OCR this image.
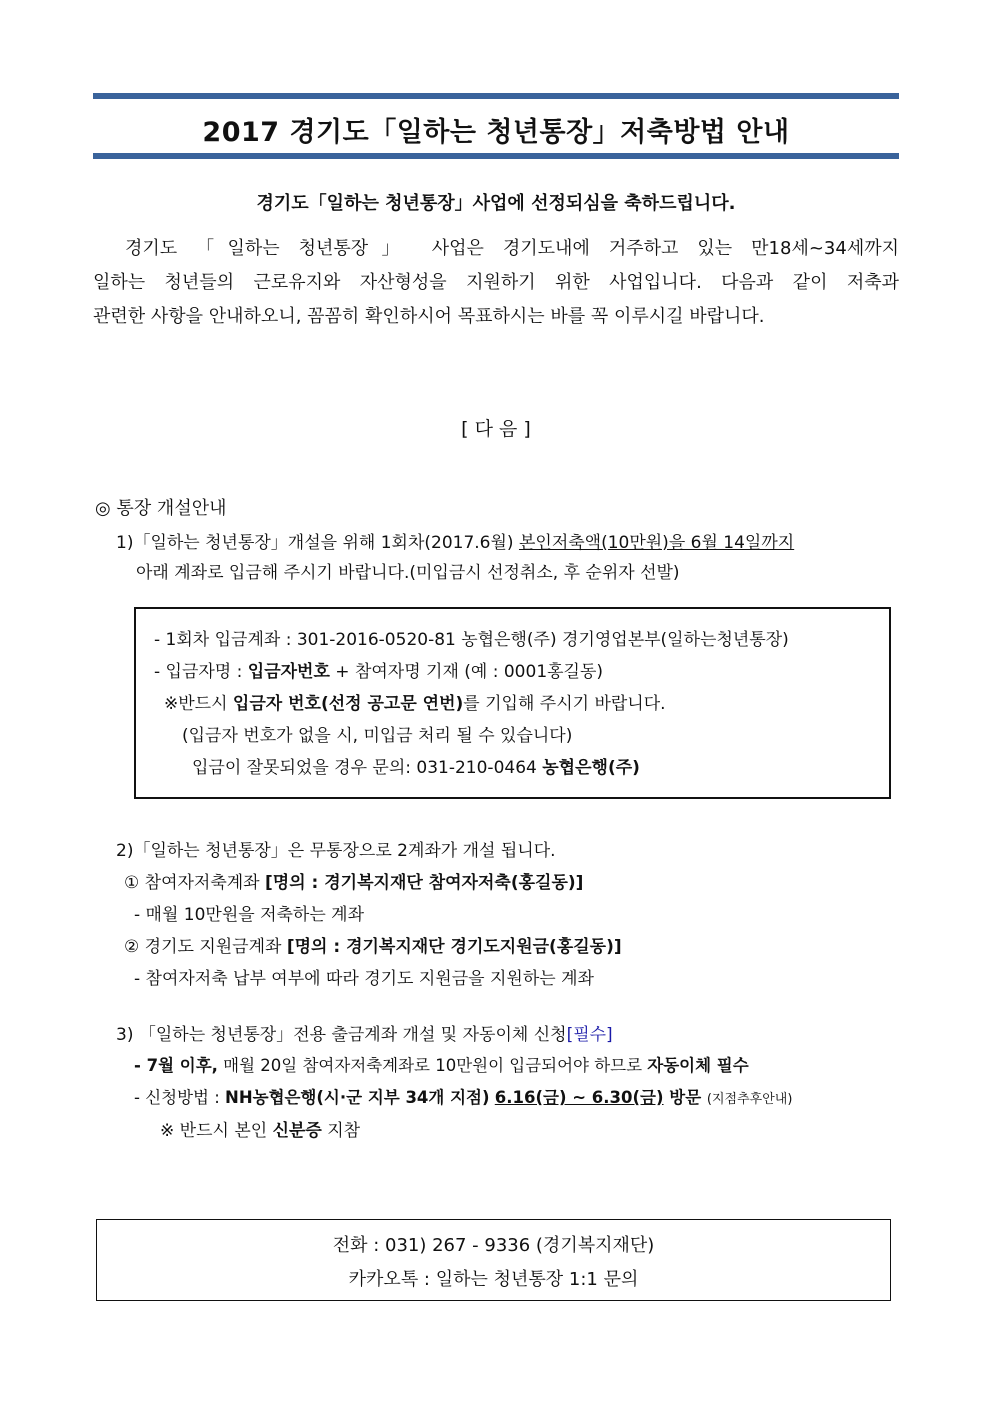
2017 경기도「일하는 청년통장」저축방법 안내
경기도「일하는 청년통장」사업에 선정되심을 축하드립니다.
경기도 「일하는 청년통장」 사업은 경기도내에 거주하고 있는 만18세~34세까지
일하는 청년들의 근로유지와 자산형성을 지원하기 위한 사업입니다. 다음과 같이 저축과
관련한 사항을 안내하오니, 꼼꼼히 확인하시어 목표하시는 바를 꼭 이루시길 바랍니다.
[ 다 음 ]
◎ 통장 개설안내
1)「일하는 청년통장」개설을 위해 1회차(2017.6월) 본인저축액(10만원)을 6월 14일까지
아래 계좌로 입금해 주시기 바랍니다.(미입금시 선정취소, 후 순위자 선발)
- 1회차 입금계좌 : 301-2016-0520-81 농협은행(주) 경기영업본부(일하는청년통장)
- 입금자명 : 입금자번호 + 참여자명 기재 (예 : 0001홍길동)
※반드시 입금자 번호(선정 공고문 연번)를 기입해 주시기 바랍니다.
(입금자 번호가 없을 시, 미입금 처리 될 수 있습니다)
입금이 잘못되었을 경우 문의: 031-210-0464 농협은행(주)
2)「일하는 청년통장」은 무통장으로 2계좌가 개설 됩니다.
① 참여자저축계좌 [명의 : 경기복지재단 참여자저축(홍길동)]
- 매월 10만원을 저축하는 계좌
② 경기도 지원금계좌 [명의 : 경기복지재단 경기도지원금(홍길동)]
- 참여자저축 납부 여부에 따라 경기도 지원금을 지원하는 계좌
3) 「일하는 청년통장」전용 출금계좌 개설 및 자동이체 신청[필수]
- 7월 이후, 매월 20일 참여자저축계좌로 10만원이 입금되어야 하므로 자동이체 필수
- 신청방법 : NH농협은행(시·군 지부 34개 지점) 6.16(금) ~ 6.30(금) 방문 (지점추후안내)
※ 반드시 본인 신분증 지참
전화 : 031) 267 - 9336 (경기복지재단)
카카오톡 : 일하는 청년통장 1:1 문의
